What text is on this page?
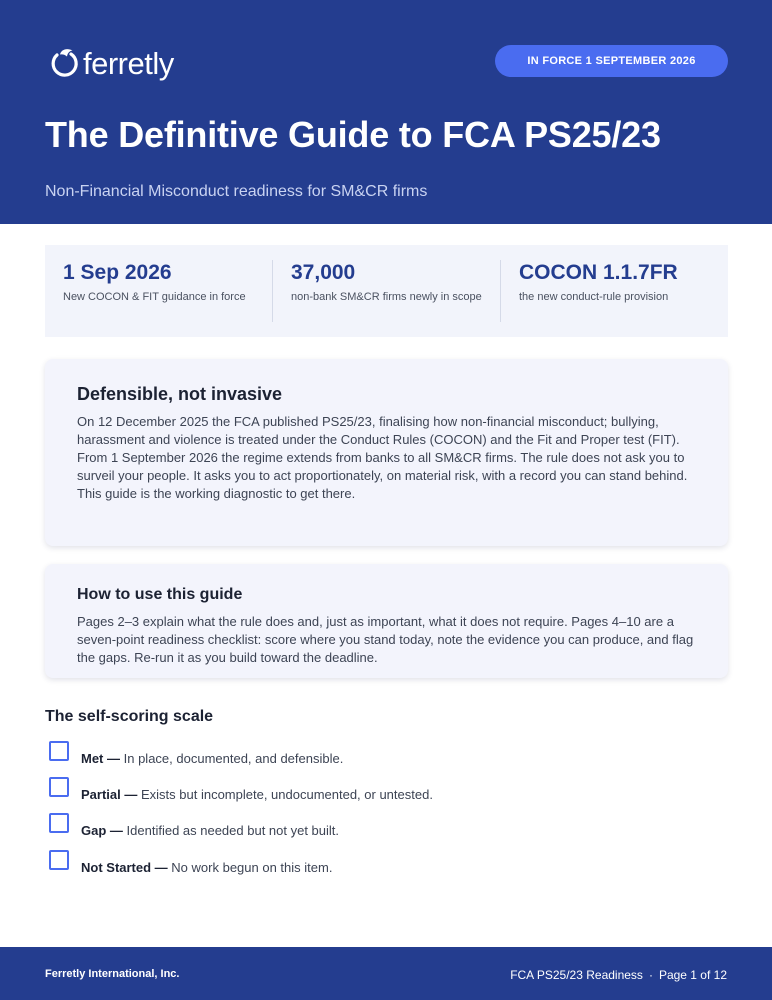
ferretly	IN FORCE 1 SEPTEMBER 2026
The Definitive Guide to FCA PS25/23
Non-Financial Misconduct readiness for SM&CR firms
1 Sep 2026
New COCON & FIT guidance in force
37,000
non-bank SM&CR firms newly in scope
COCON 1.1.7FR
the new conduct-rule provision
Defensible, not invasive

On 12 December 2025 the FCA published PS25/23, finalising how non-financial misconduct; bullying, harassment and violence is treated under the Conduct Rules (COCON) and the Fit and Proper test (FIT). From 1 September 2026 the regime extends from banks to all SM&CR firms. The rule does not ask you to surveil your people. It asks you to act proportionately, on material risk, with a record you can stand behind. This guide is the working diagnostic to get there.

How to use this guide

Pages 2–3 explain what the rule does and, just as important, what it does not require. Pages 4–10 are a seven-point readiness checklist: score where you stand today, note the evidence you can produce, and flag the gaps. Re-run it as you build toward the deadline.

The self-scoring scale
Met — In place, documented, and defensible.
Partial — Exists but incomplete, undocumented, or untested.
Gap — Identified as needed but not yet built.
Not Started — No work begun on this item.
Ferretly International, Inc.	FCA PS25/23 Readiness · Page 1 of 12
